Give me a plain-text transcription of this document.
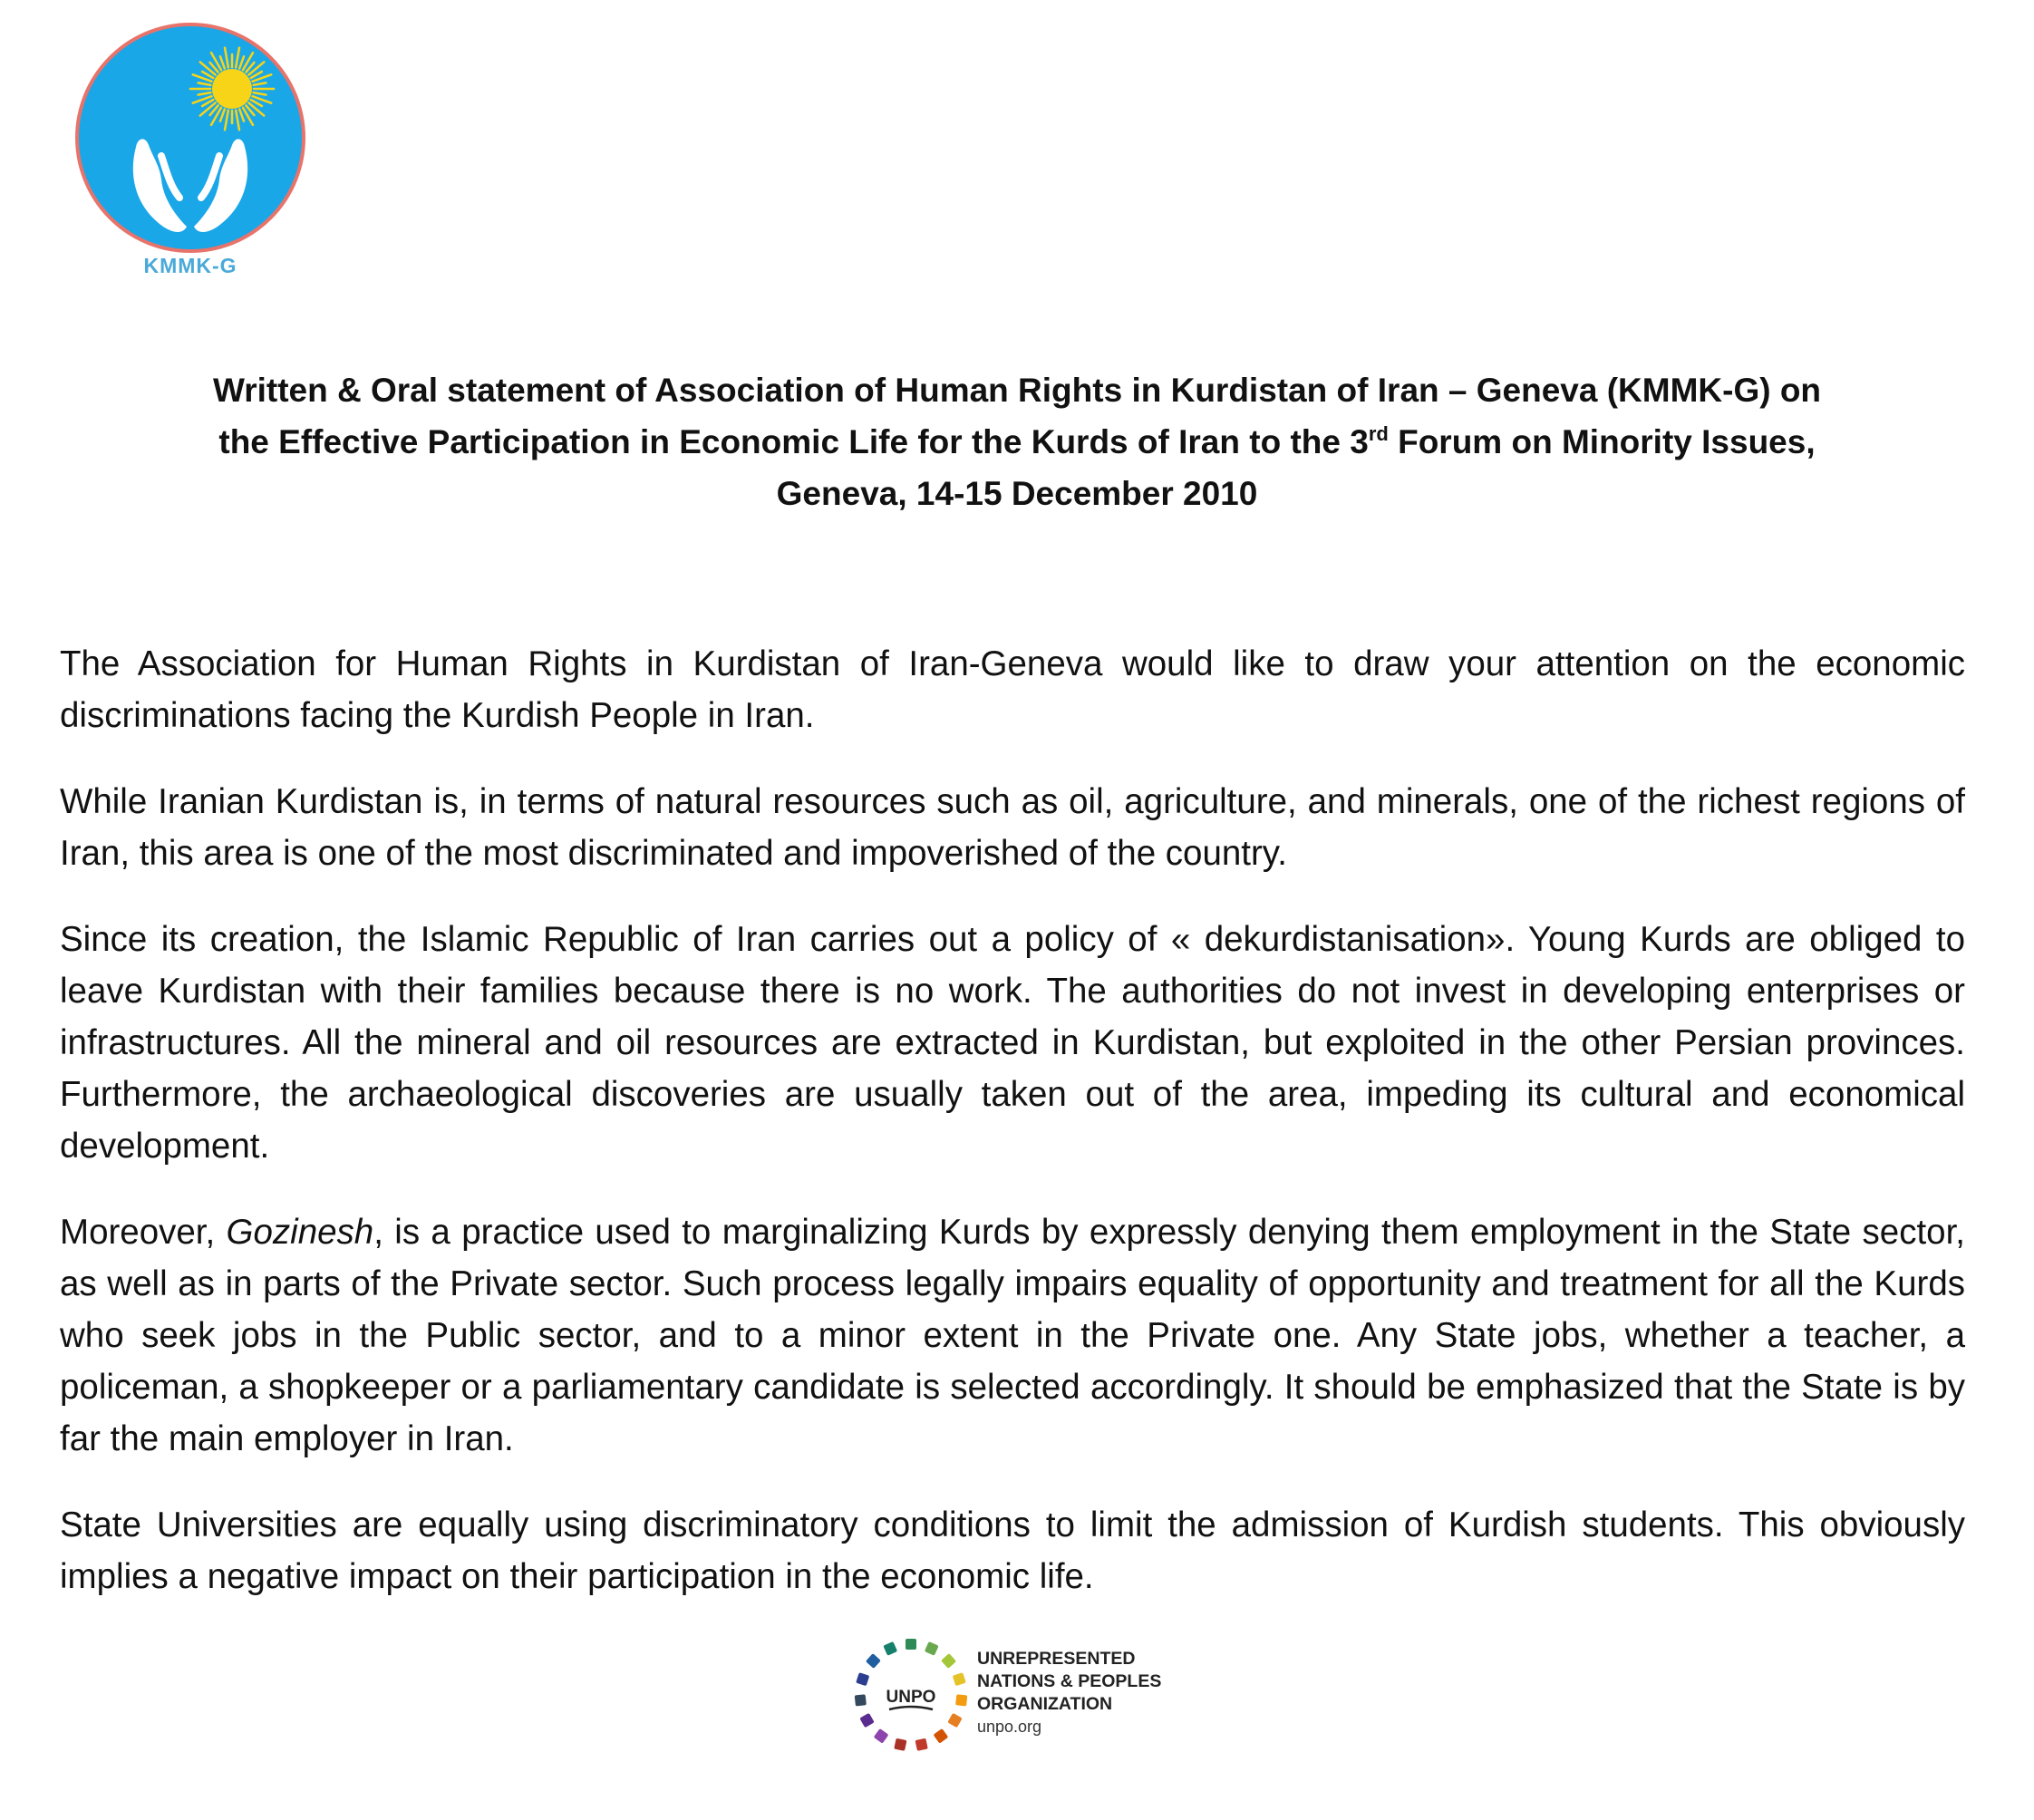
KMMK-G
Written & Oral statement of Association of Human Rights in Kurdistan of Iran – Geneva (KMMK-G) on
the Effective Participation in Economic Life for the Kurds of Iran to the 3rd Forum on Minority Issues,
Geneva, 14-15 December 2010

The Association for Human Rights in Kurdistan of Iran-Geneva would like to draw your attention on the economic discriminations facing the Kurdish People in Iran.

While Iranian Kurdistan is, in terms of natural resources such as oil, agriculture, and minerals, one of the richest regions of Iran, this area is one of the most discriminated and impoverished of the country.

Since its creation, the Islamic Republic of Iran carries out a policy of « dekurdistanisation». Young Kurds are obliged to leave Kurdistan with their families because there is no work. The authorities do not invest in developing enterprises or infrastructures. All the mineral and oil resources are extracted in Kurdistan, but exploited in the other Persian provinces. Furthermore, the archaeological discoveries are usually taken out of the area, impeding its cultural and economical development.

Moreover, Gozinesh, is a practice used to marginalizing Kurds by expressly denying them employment in the State sector, as well as in parts of the Private sector. Such process legally impairs equality of opportunity and treatment for all the Kurds who seek jobs in the Public sector, and to a minor extent in the Private one. Any State jobs, whether a teacher, a policeman, a shopkeeper or a parliamentary candidate is selected accordingly. It should be emphasized that the State is by far the main employer in Iran.

State Universities are equally using discriminatory conditions to limit the admission of Kurdish students. This obviously implies a negative impact on their participation in the economic life.

UNPO
UNREPRESENTED
NATIONS & PEOPLES
ORGANIZATION
unpo.org
